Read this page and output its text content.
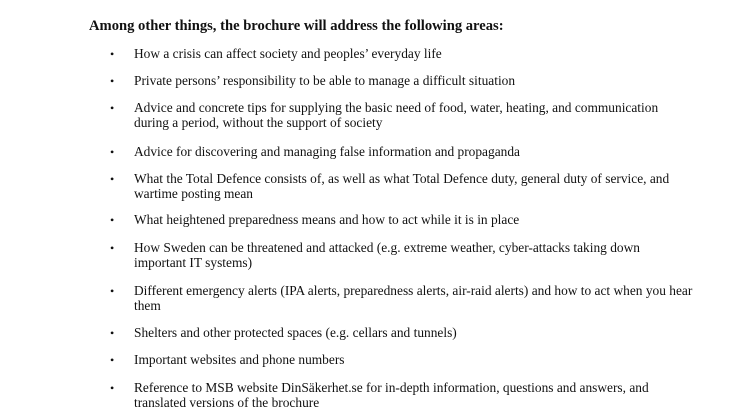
Among other things, the brochure will address the following areas:
• How a crisis can affect society and peoples’ everyday life
• Private persons’ responsibility to be able to manage a difficult situation
• Advice and concrete tips for supplying the basic need of food, water, heating, and communication during a period, without the support of society
• Advice for discovering and managing false information and propaganda
• What the Total Defence consists of, as well as what Total Defence duty, general duty of service, and wartime posting mean
• What heightened preparedness means and how to act while it is in place
• How Sweden can be threatened and attacked (e.g. extreme weather, cyber-attacks taking down important IT systems)
• Different emergency alerts (IPA alerts, preparedness alerts, air-raid alerts) and how to act when you hear them
• Shelters and other protected spaces (e.g. cellars and tunnels)
• Important websites and phone numbers
• Reference to MSB website DinSäkerhet.se for in-depth information, questions and answers, and translated versions of the brochure
